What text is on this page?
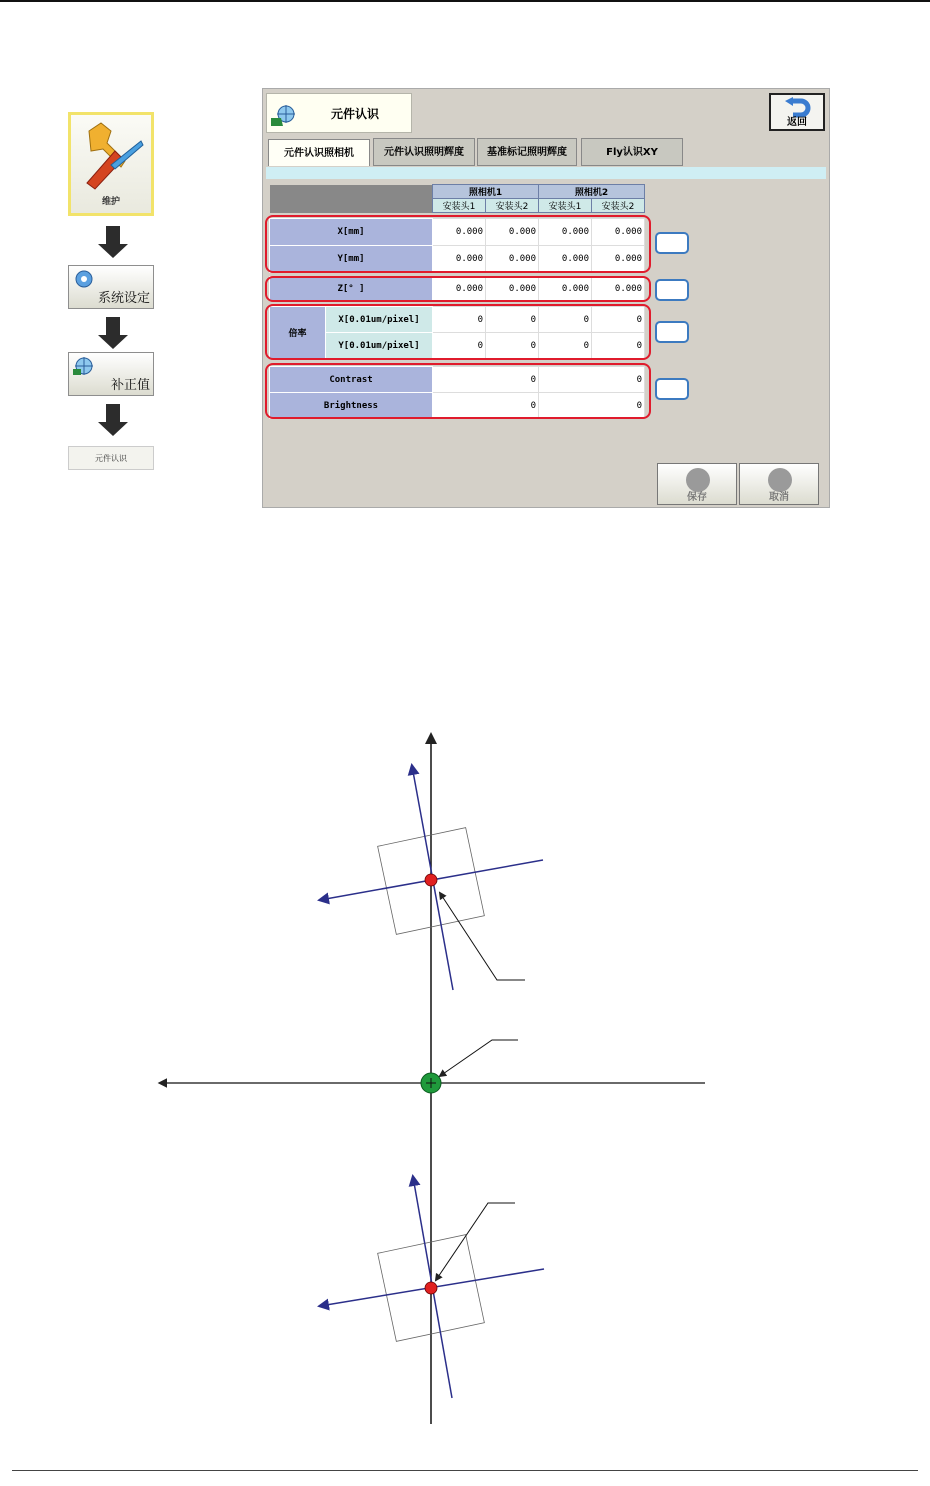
维护
系统设定
补正值
元件认识
元件认识
返回
元件认识照相机	元件认识照明辉度	基准标记照明辉度	Fly认识XY
		照相机1		照相机2	
		安装头1	安装头2	安装头1	安装头2

X[mm]		0.000	0.000	0.000	0.000
Y[mm]		0.000	0.000	0.000	0.000

Z[° ]		0.000	0.000	0.000	0.000

倍率	X[0.01um/pixel]	0	0	0	0
	Y[0.01um/pixel]	0	0	0	0

Contrast		0		0	
Brightness		0		0	
保存	取消
